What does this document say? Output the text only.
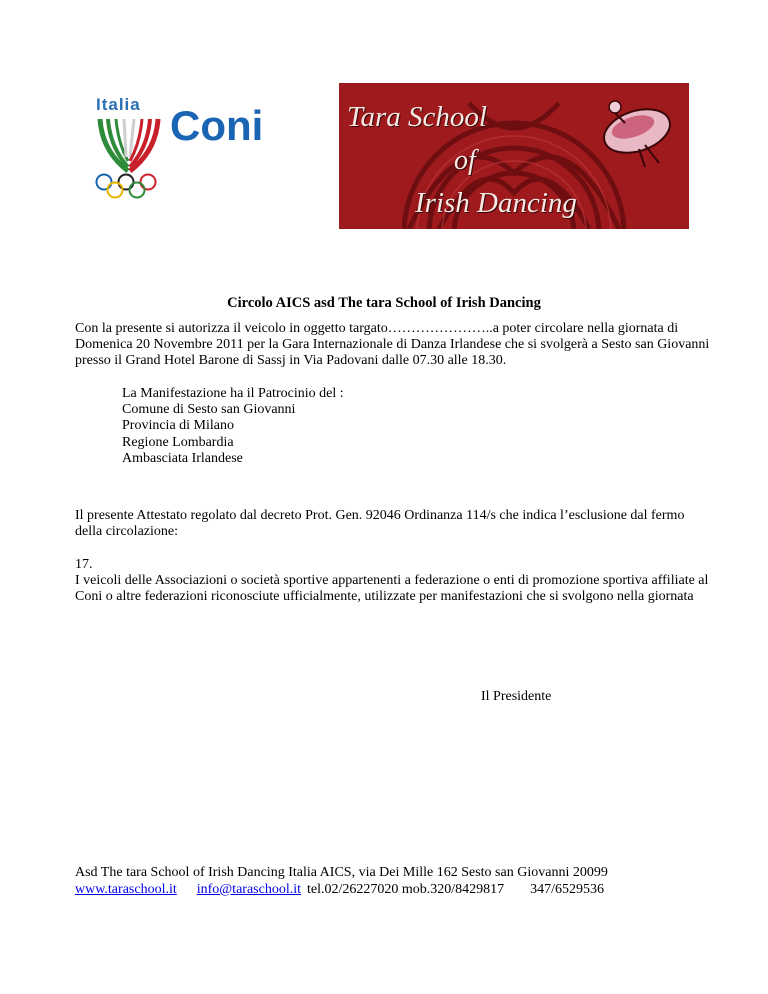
Italia Coni	Tara School
of
Irish Dancing
Circolo AICS asd The tara School of Irish Dancing
Con la presente si autorizza il veicolo in oggetto targato…………………..a poter circolare nella giornata di Domenica 20 Novembre 2011 per la Gara Internazionale di Danza Irlandese che si svolgerà a Sesto san Giovanni presso il Grand Hotel Barone di Sassj in Via Padovani dalle 07.30 alle 18.30.
La Manifestazione ha il Patrocinio del :
Comune di Sesto san Giovanni
Provincia di Milano
Regione Lombardia
Ambasciata Irlandese
Il presente Attestato regolato dal decreto Prot. Gen. 92046 Ordinanza 114/s che indica l’esclusione dal fermo della circolazione:
17.
I veicoli delle Associazioni o società sportive appartenenti a federazione o enti di promozione sportiva affiliate al Coni o altre federazioni riconosciute ufficialmente, utilizzate per manifestazioni che si svolgono nella giornata
Il Presidente
Asd The tara School of Irish Dancing Italia AICS, via Dei Mille 162 Sesto san Giovanni 20099
www.taraschool.it info@taraschool.it tel.02/26227020 mob.320/8429817 347/6529536
